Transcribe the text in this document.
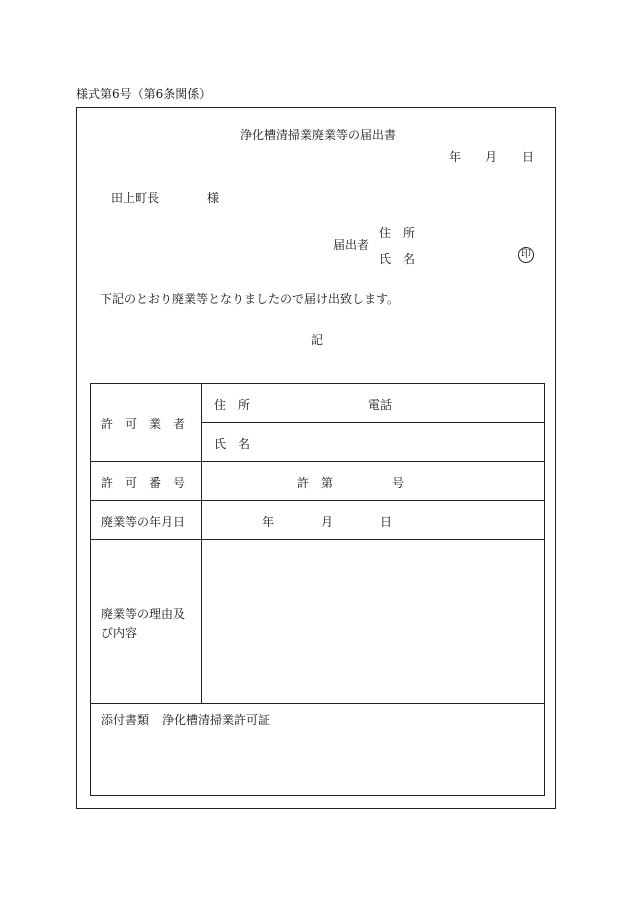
様式第6号（第6条関係）
浄化槽清掃業廃業等の届出書
年 月 日
田上町長	様
届出者
住　所
氏　名	印
下記のとおり廃業等となりましたので届け出致します。
記
許　可　業　者
住　所	電話
氏　名
許　可　番　号	許　第	号
廃業等の年月日	年	月	日
廃業等の理由及
び内容
添付書類 浄化槽清掃業許可証
